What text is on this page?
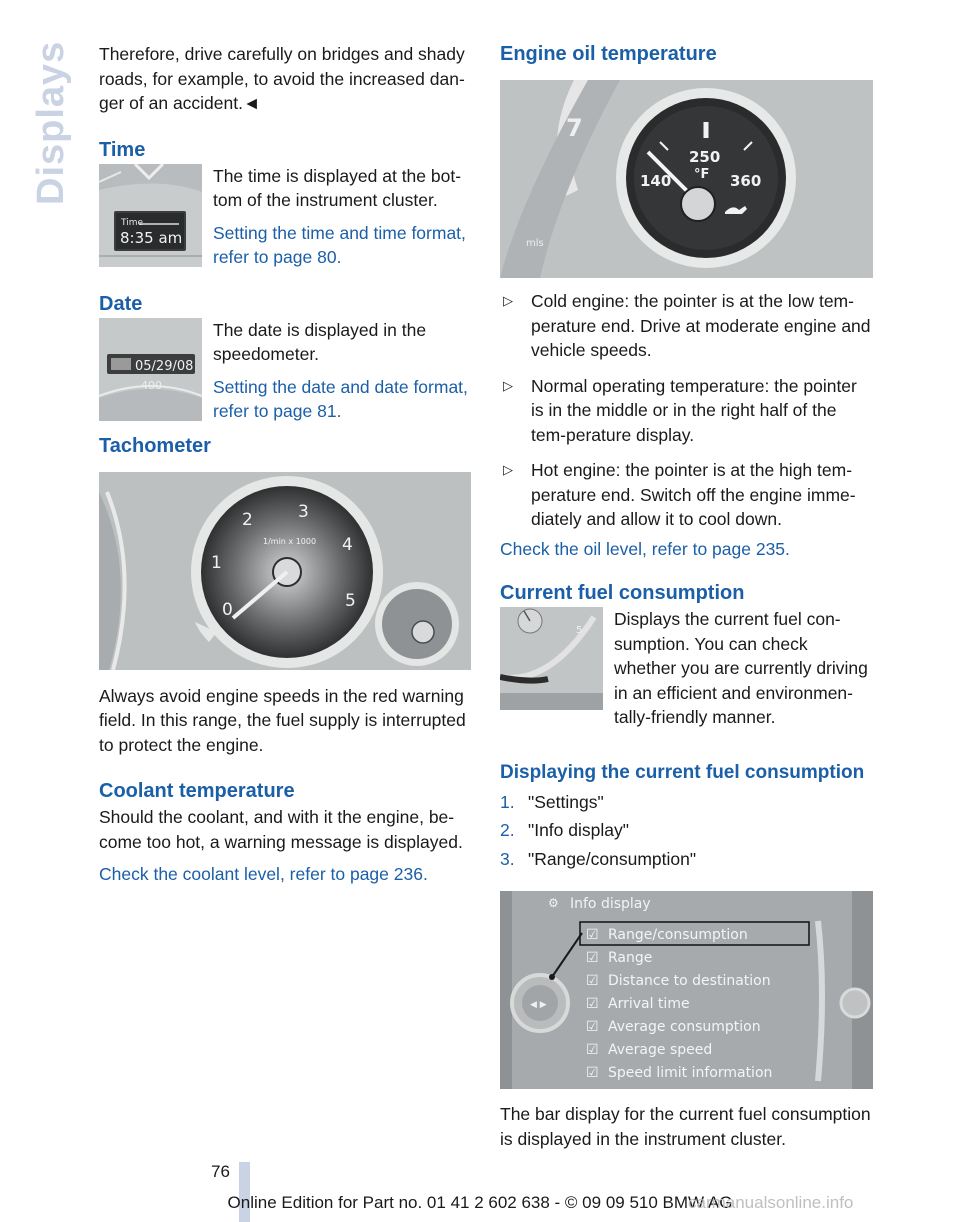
Displays Therefore, drive carefully on bridges and shady roads, for example, to avoid the increased dan-ger of an accident.◄

Time
Time
8:35 am

The time is displayed at the bot-tom of the instrument cluster.

Setting the time and time format, refer to page 80.

Date
05/29/08
400

The date is displayed in the speedometer.

Setting the date and date format, refer to page 81.

Tachometer
0
1
2	3
4
5
1/min x 1000

Always avoid engine speeds in the red warning field. In this range, the fuel supply is interrupted to protect the engine.

Coolant temperature

Should the coolant, and with it the engine, be-come too hot, a warning message is displayed.

Check the coolant level, refer to page 236.

Engine oil temperature
7
mls
250
°F
140	360
▷ Cold engine: the pointer is at the low tem-perature end. Drive at moderate engine and vehicle speeds.
▷ Normal operating temperature: the pointer is in the middle or in the right half of the tem-perature display.
▷ Hot engine: the pointer is at the high tem-perature end. Switch off the engine imme-diately and allow it to cool down.

Check the oil level, refer to page 235.

Current fuel consumption
5

Displays the current fuel con-sumption. You can check whether you are currently driving in an efficient and environmen-tally-friendly manner.

Displaying the current fuel consumption
1. "Settings"
2. "Info display"
3. "Range/consumption"
◀ ▶
⚙ Info display
☑ Range/consumption
☑ Range
☑ Distance to destination
☑ Arrival time
☑ Average consumption
☑ Average speed
☑ Speed limit information

The bar display for the current fuel consumption is displayed in the instrument cluster.

76
Online Edition for Part no. 01 41 2 602 638 - © 09 09 510 BMW AG
carmanualsonline.info
